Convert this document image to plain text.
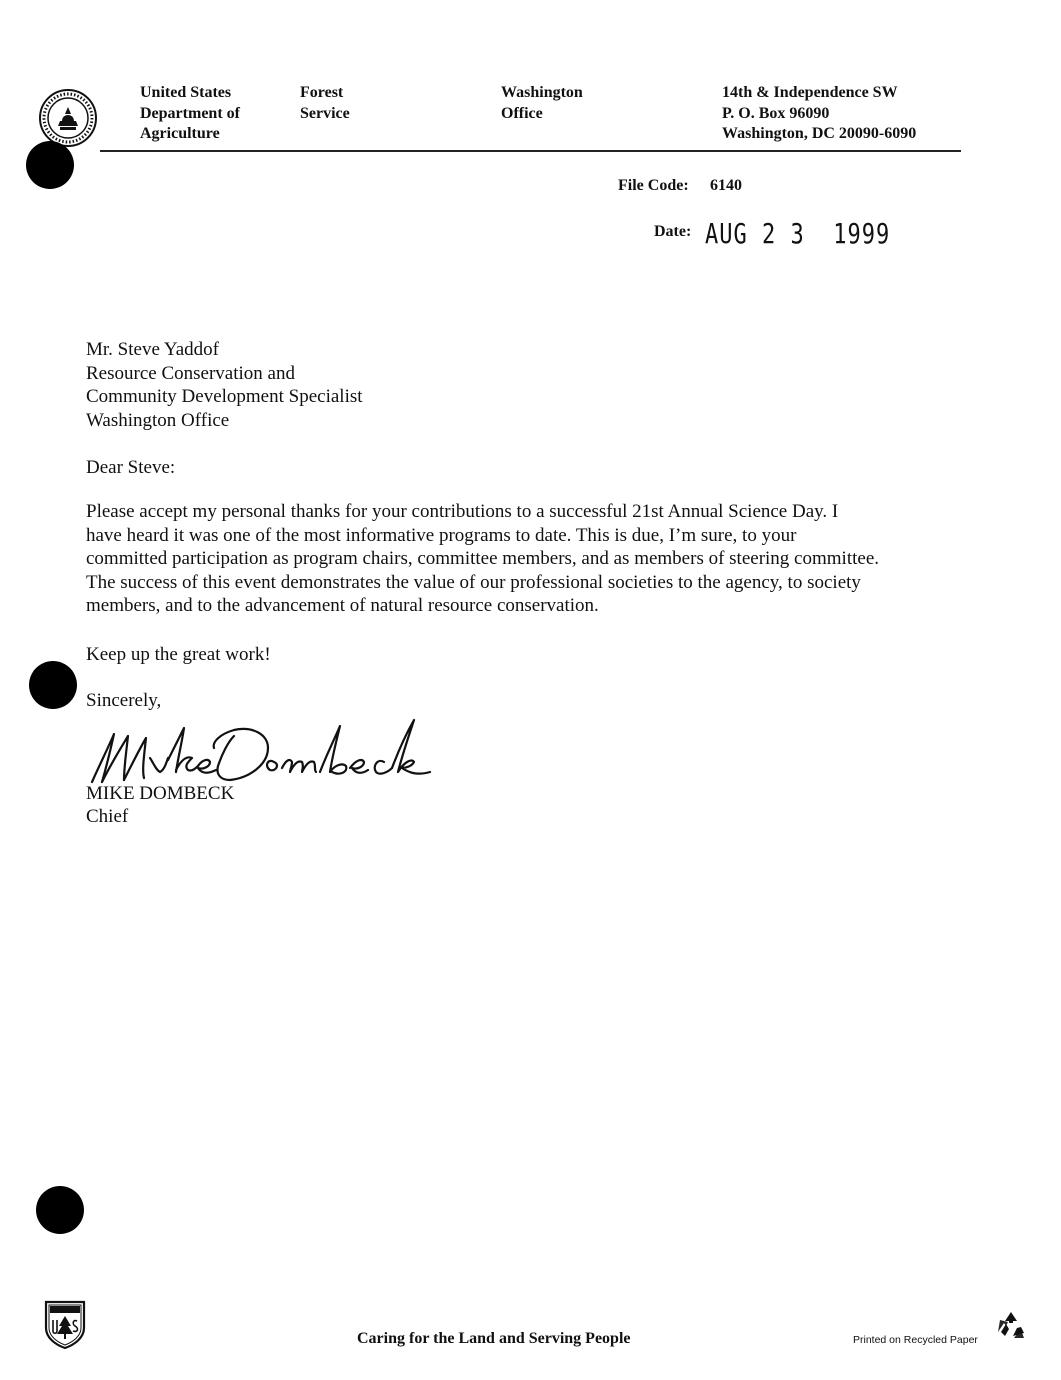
United States
Department of
Agriculture
Forest
Service
Washington
Office
14th & Independence SW
P. O. Box 96090
Washington, DC 20090-6090
File Code: 6140
Date: AUG 2 3  1999
Mr. Steve Yaddof
Resource Conservation and
Community Development Specialist
Washington Office
Dear Steve:
Please accept my personal thanks for your contributions to a successful 21st Annual Science Day. I
have heard it was one of the most informative programs to date. This is due, I’m sure, to your
committed participation as program chairs, committee members, and as members of steering committee.
The success of this event demonstrates the value of our professional societies to the agency, to society
members, and to the advancement of natural resource conservation.
Keep up the great work!
Sincerely,
MIKE DOMBECK
Chief
Caring for the Land and Serving People	Printed on Recycled Paper
